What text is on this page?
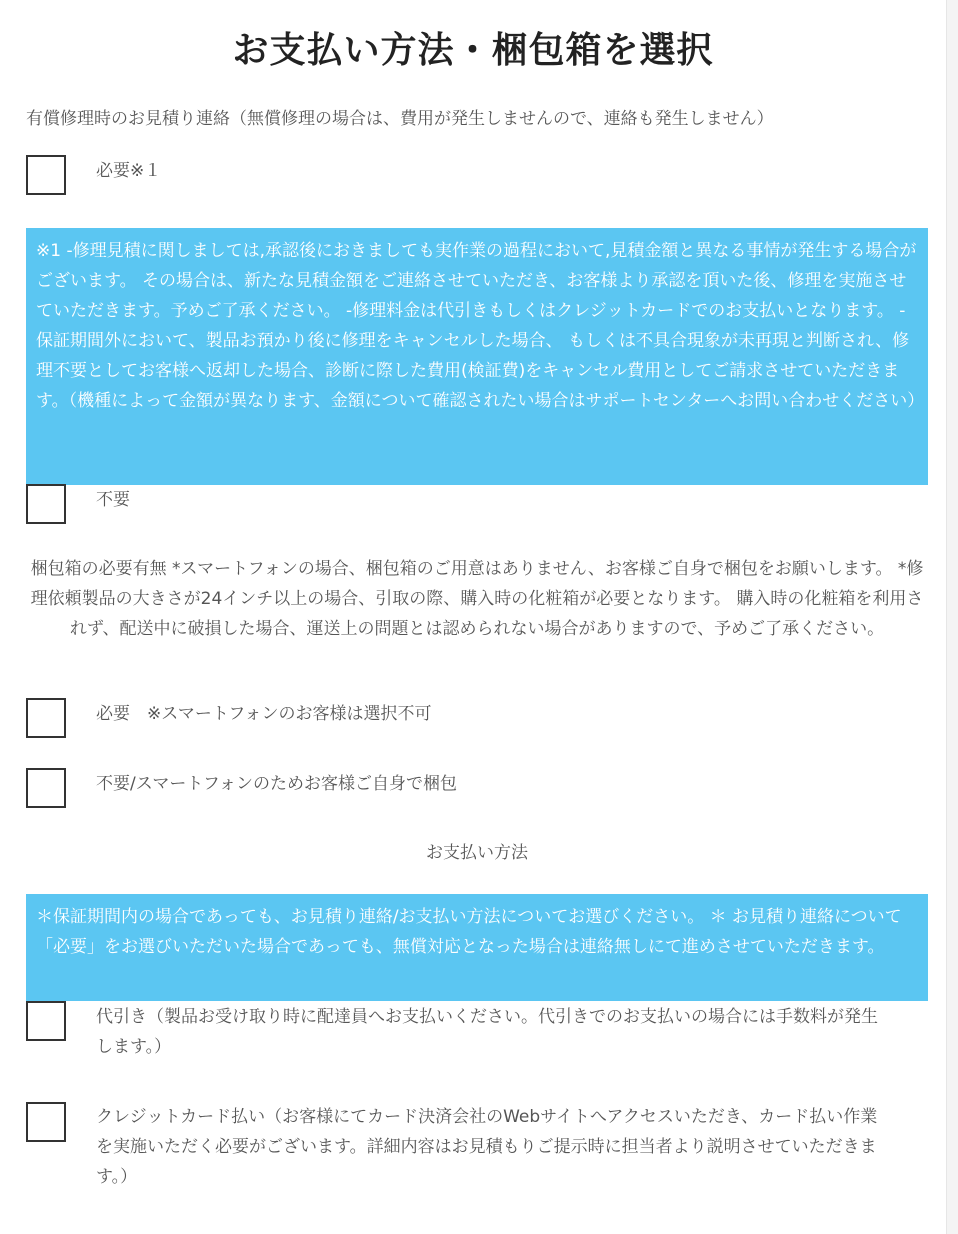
お支払い方法・梱包箱を選択
有償修理時のお見積り連絡（無償修理の場合は、費用が発生しませんので、連絡も発生しません）
必要※１
※1 -修理見積に関しましては,承認後におきましても実作業の過程において,見積金額と異なる事情が発生する場合がございます。 その場合は、新たな見積金額をご連絡させていただき、お客様より承認を頂いた後、修理を実施させていただきます。予めご了承ください。 -修理料金は代引きもしくはクレジットカードでのお支払いとなります。 -保証期間外において、製品お預かり後に修理をキャンセルした場合、 もしくは不具合現象が未再現と判断され、修理不要としてお客様へ返却した場合、診断に際した費用(検証費)をキャンセル費用としてご請求させていただきます。（機種によって金額が異なります、金額について確認されたい場合はサポートセンターへお問い合わせください）
不要
梱包箱の必要有無 *スマートフォンの場合、梱包箱のご用意はありません、お客様ご自身で梱包をお願いします。 *修理依頼製品の大きさが24インチ以上の場合、引取の際、購入時の化粧箱が必要となります。 購入時の化粧箱を利用されず、配送中に破損した場合、運送上の問題とは認められない場合がありますので、予めご了承ください。
必要　※スマートフォンのお客様は選択不可
不要/スマートフォンのためお客様ご自身で梱包
お支払い方法
＊保証期間内の場合であっても、お見積り連絡/お支払い方法についてお選びください。 ＊ お見積り連絡について「必要」をお選びいただいた場合であっても、無償対応となった場合は連絡無しにて進めさせていただきます。
代引き（製品お受け取り時に配達員へお支払いください。代引きでのお支払いの場合には手数料が発生します。）
クレジットカード払い（お客様にてカード決済会社のWebサイトへアクセスいただき、カード払い作業を実施いただく必要がございます。詳細内容はお見積もりご提示時に担当者より説明させていただきます。）
